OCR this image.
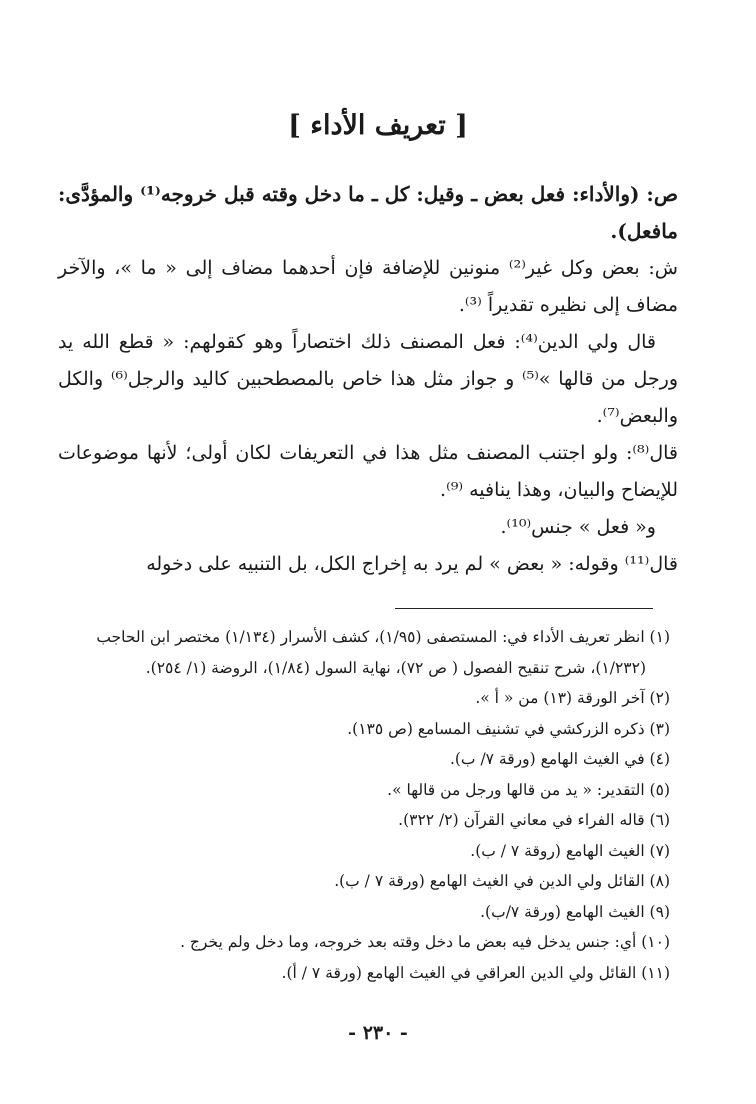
[ تعريف الأداء ]

ص: (والأداء: فعل بعض ـ وقيل: كل ـ ما دخل وقته قبل خروجه⁽¹⁾ والمؤدَّى: مافعل).

ش: بعض وكل غير⁽²⁾ منونين للإضافة فإن أحدهما مضاف إلى « ما »، والآخر مضاف إلى نظيره تقديراً ⁽³⁾.

قال ولي الدين⁽⁴⁾: فعل المصنف ذلك اختصاراً وهو كقولهم: « قطع الله يد ورجل من قالها »⁽⁵⁾ و جواز مثل هذا خاص بالمصطحبين كاليد والرجل⁽⁶⁾ والكل والبعض⁽⁷⁾.

قال⁽⁸⁾: ولو اجتنب المصنف مثل هذا في التعريفات لكان أولى؛ لأنها موضوعات للإيضاح والبيان، وهذا ينافيه ⁽⁹⁾.

و« فعل » جنس⁽¹⁰⁾.

قال⁽¹¹⁾ وقوله: « بعض » لم يرد به إخراج الكل، بل التنبيه على دخوله

(١) انظر تعريف الأداء في: المستصفى (١/٩٥)، كشف الأسرار (١/١٣٤) مختصر ابن الحاجب
(١/٢٣٢)، شرح تنقيح الفصول ( ص ٧٢)، نهاية السول (١/٨٤)، الروضة (١/ ٢٥٤).
(٢) آخر الورقة (١٣) من « أ ».
(٣) ذكره الزركشي في تشنيف المسامع (ص ١٣٥).
(٤) في الغيث الهامع (ورقة ٧/ ب).
(٥) التقدير: « يد من قالها ورجل من قالها ».
(٦) قاله الفراء في معاني القرآن (٢/ ٣٢٢).
(٧) الغيث الهامع (روقة ٧ / ب).
(٨) القائل ولي الدين في الغيث الهامع (ورقة ٧ / ب).
(٩) الغيث الهامع (ورقة ٧/ب).
(١٠) أي: جنس يدخل فيه بعض ما دخل وقته بعد خروجه، وما دخل ولم يخرج .
(١١) القائل ولي الدين العراقي في الغيث الهامع (ورقة ٧ / أ).
- ٢٣٠ -
